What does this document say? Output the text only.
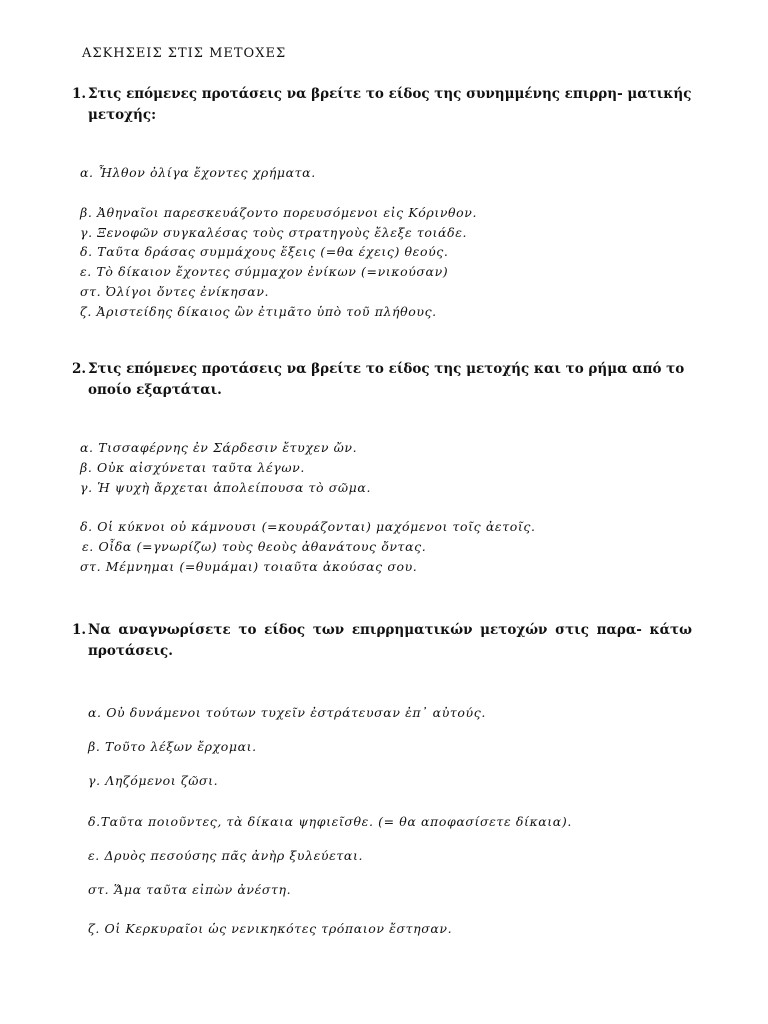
ΑΣΚΗΣΕΙΣ ΣΤΙΣ ΜΕΤΟΧΕΣ
1. Στις επόμενες προτάσεις να βρείτε το είδος της συνημμένης επιρρη- ματικής μετοχής:
α. Ἦλθον ὀλίγα ἔχοντες χρήματα.
β. Ἀθηναῖοι παρεσκευάζοντο πορευσόμενοι εἰς Κόρινθον.
γ. Ξενοφῶν συγκαλέσας τοὺς στρατηγοὺς ἔλεξε τοιάδε.
δ. Ταῦτα δράσας συμμάχους ἕξεις (=θα έχεις) θεούς.
ε. Τὸ δίκαιον ἔχοντες σύμμαχον ἐνίκων (=νικούσαν)
στ. Ὀλίγοι ὄντες ἐνίκησαν.
ζ. Ἀριστείδης δίκαιος ὢν ἐτιμᾶτο ὑπὸ τοῦ πλήθους.
2. Στις επόμενες προτάσεις να βρείτε το είδος της μετοχής και το ρήμα από το οποίο εξαρτάται.
α. Τισσαφέρνης ἐν Σάρδεσιν ἔτυχεν ὤν.
β. Οὐκ αἰσχύνεται ταῦτα λέγων.
γ. Ἡ ψυχὴ ἄρχεται ἀπολείπουσα τὸ σῶμα.
δ. Οἱ κύκνοι οὐ κάμνουσι (=κουράζονται) μαχόμενοι τοῖς ἀετοῖς.
ε. Οἶδα (=γνωρίζω) τοὺς θεοὺς ἀθανάτους ὄντας.
στ. Μέμνημαι (=θυμάμαι) τοιαῦτα ἀκούσας σου.
1. Να αναγνωρίσετε το είδος των επιρρηματικών μετοχών στις παρα- κάτω προτάσεις.
α. Οὐ δυνάμενοι τούτων τυχεῖν ἐστράτευσαν ἐπ᾽ αὐτούς.
β. Τοῦτο λέξων ἔρχομαι.
γ. Ληζόμενοι ζῶσι.
δ.Ταῦτα ποιοῦντες, τὰ δίκαια ψηφιεῖσθε. (= θα αποφασίσετε δίκαια).
ε. Δρυὸς πεσούσης πᾶς ἀνὴρ ξυλεύεται.
στ. Ἅμα ταῦτα εἰπὼν ἀνέστη.
ζ. Οἱ Κερκυραῖοι ὡς νενικηκότες τρόπαιον ἔστησαν.
